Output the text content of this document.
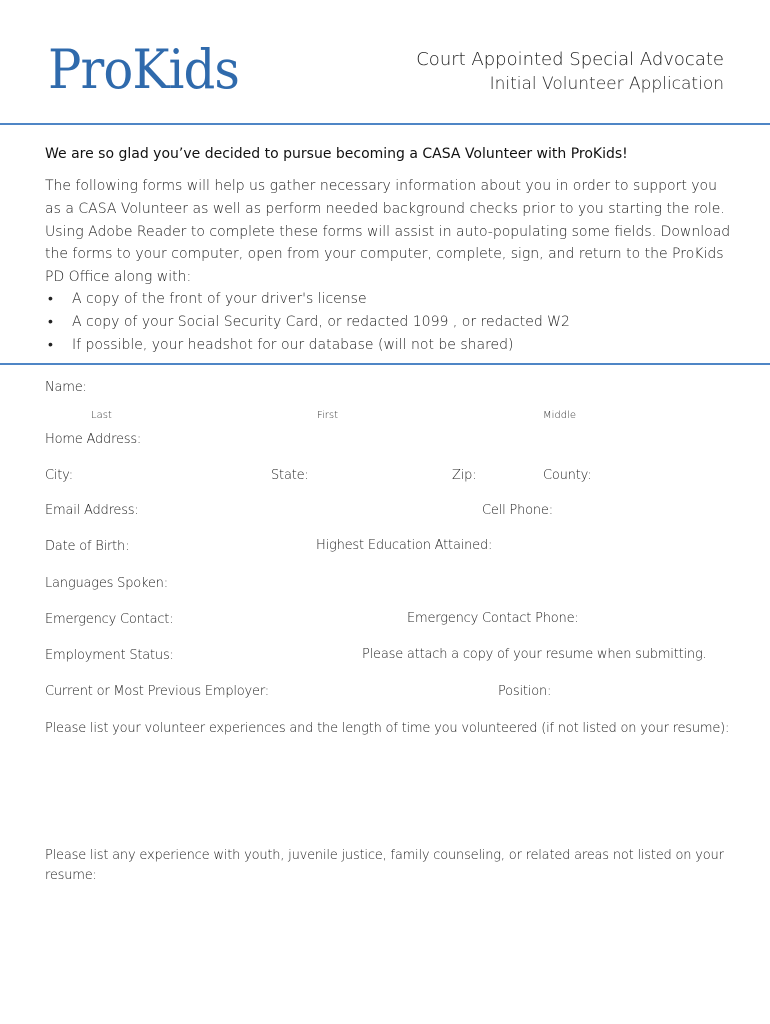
ProKids	Court Appointed Special Advocate
Initial Volunteer Application
We are so glad you’ve decided to pursue becoming a CASA Volunteer with ProKids!
The following forms will help us gather necessary information about you in order to support you as a CASA Volunteer as well as perform needed background checks prior to you starting the role. Using Adobe Reader to complete these forms will assist in auto-populating some fields. Download the forms to your computer, open from your computer, complete, sign, and return to the ProKids PD Office along with:
• A copy of the front of your driver's license
• A copy of your Social Security Card, or redacted 1099 , or redacted W2
• If possible, your headshot for our database (will not be shared)
Name:
Last	First	Middle
Home Address:
City:	State:	Zip:	County:
Email Address:	Cell Phone:
Date of Birth:	Highest Education Attained:
Languages Spoken:
Emergency Contact:	Emergency Contact Phone:
Employment Status:	Please attach a copy of your resume when submitting.
Current or Most Previous Employer:	Position:
Please list your volunteer experiences and the length of time you volunteered (if not listed on your resume):
Please list any experience with youth, juvenile justice, family counseling, or related areas not listed on your resume:
